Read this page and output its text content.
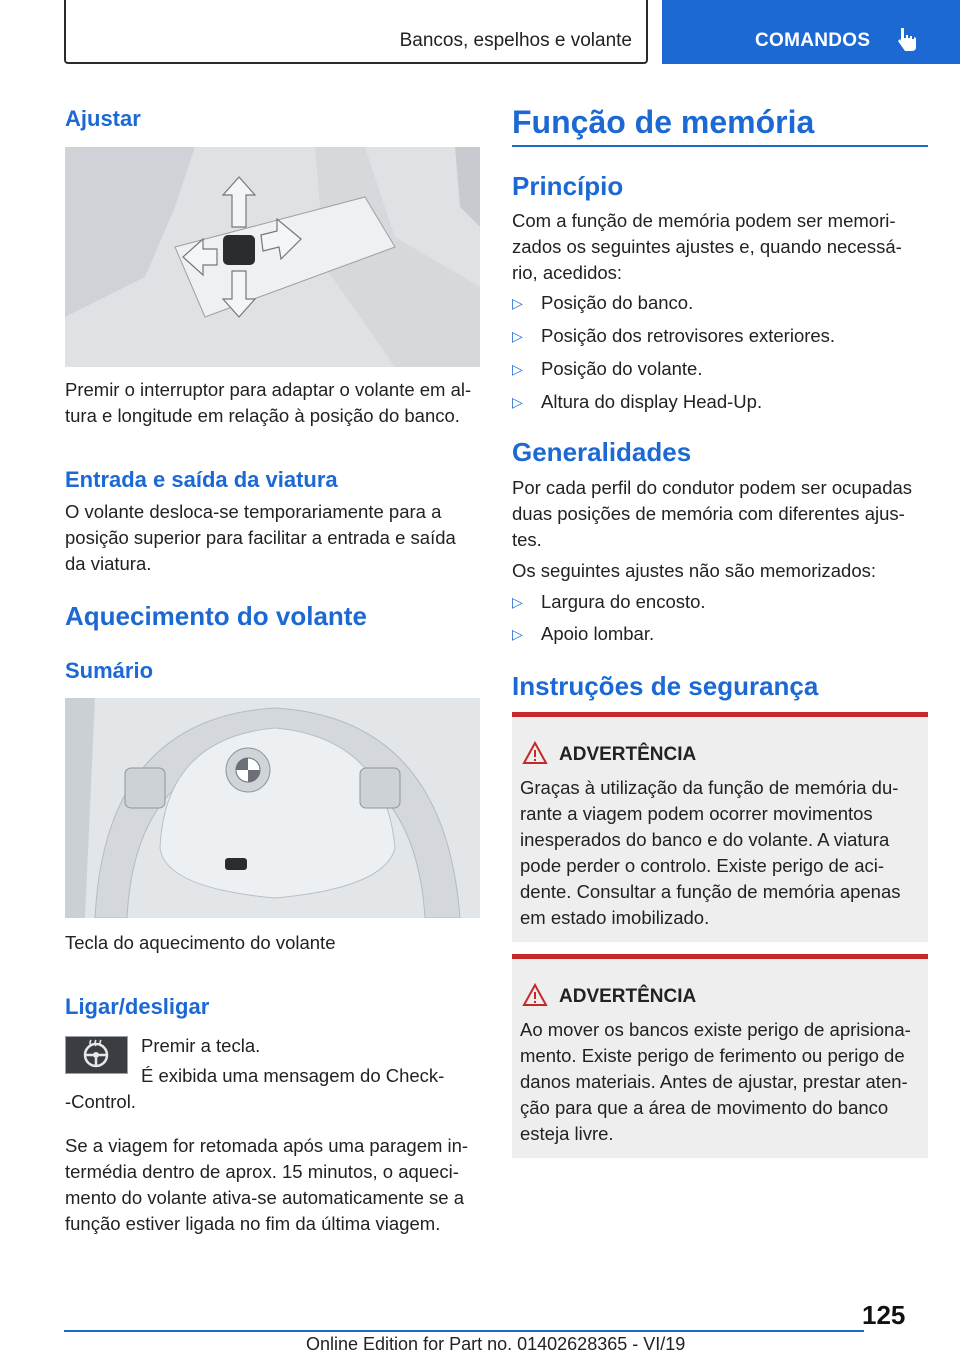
Bancos, espelhos e volante	COMANDOS
Ajustar
Premir o interruptor para adaptar o volante em al-
tura e longitude em relação à posição do banco.
Entrada e saída da viatura
O volante desloca-se temporariamente para a
posição superior para facilitar a entrada e saída
da viatura.
Aquecimento do volante
Sumário
Tecla do aquecimento do volante
Ligar/desligar
Premir a tecla.
É exibida uma mensagem do Check-
-Control.
Se a viagem for retomada após uma paragem in-
termédia dentro de aprox. 15 minutos, o aqueci-
mento do volante ativa-se automaticamente se a
função estiver ligada no fim da última viagem.
Função de memória
Princípio
Com a função de memória podem ser memori-
zados os seguintes ajustes e, quando necessá-
rio, acedidos:
▷ Posição do banco.
▷ Posição dos retrovisores exteriores.
▷ Posição do volante.
▷ Altura do display Head-Up.
Generalidades
Por cada perfil do condutor podem ser ocupadas
duas posições de memória com diferentes ajus-
tes.
Os seguintes ajustes não são memorizados:
▷ Largura do encosto.
▷ Apoio lombar.
Instruções de segurança
ADVERTÊNCIA
Graças à utilização da função de memória du-
rante a viagem podem ocorrer movimentos
inesperados do banco e do volante. A viatura
pode perder o controlo. Existe perigo de aci-
dente. Consultar a função de memória apenas
em estado imobilizado.
ADVERTÊNCIA
Ao mover os bancos existe perigo de aprisiona-
mento. Existe perigo de ferimento ou perigo de
danos materiais. Antes de ajustar, prestar aten-
ção para que a área de movimento do banco
esteja livre.
125
Online Edition for Part no. 01402628365 - VI/19
